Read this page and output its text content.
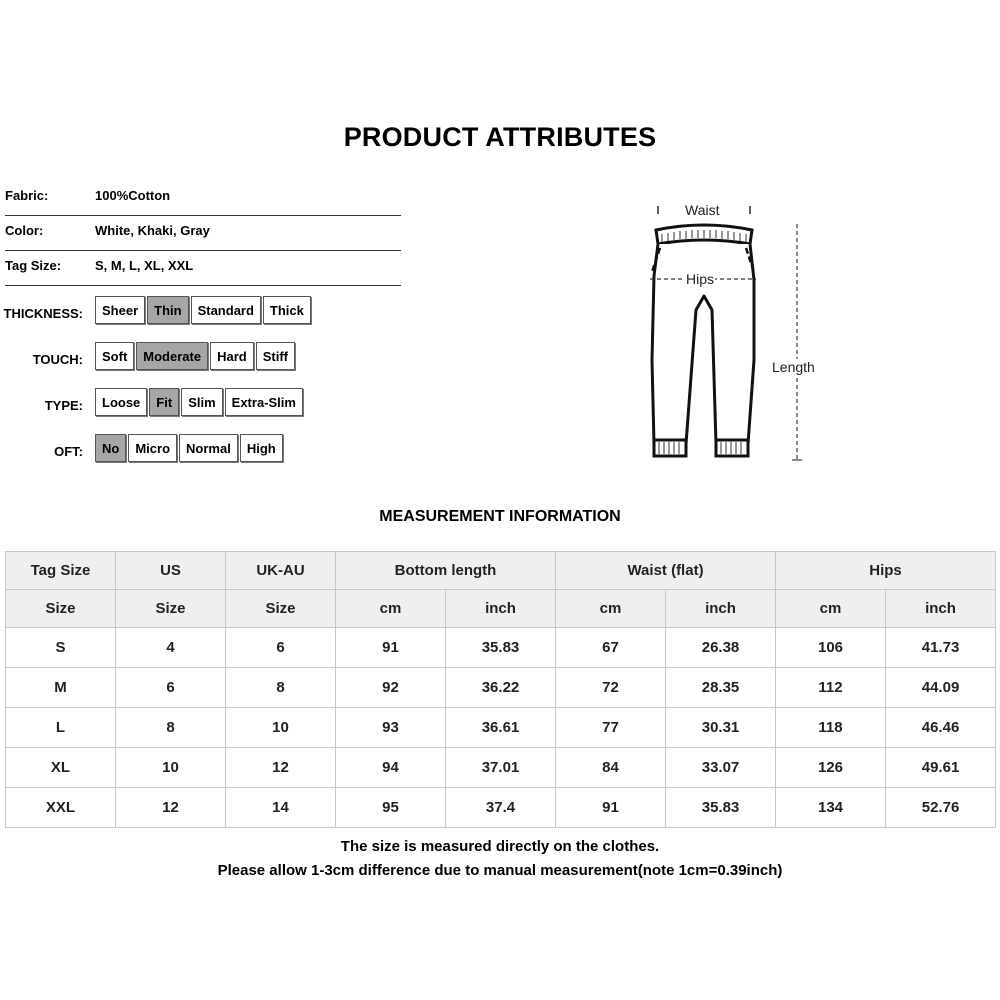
PRODUCT ATTRIBUTES
Fabric:	100%Cotton
Color:	White, Khaki, Gray
Tag Size:	S, M, L, XL, XXL
THICKNESS:	Sheer	Thin	Standard	Thick
TOUCH:	Soft	Moderate	Hard	Stiff
TYPE:	Loose	Fit	Slim	Extra-Slim
OFT:	No	Micro	Normal	High
Waist
Hips
Length
MEASUREMENT INFORMATION
Tag Size	US	UK-AU	Bottom length		Waist (flat)		Hips	
Size	Size	Size	cm	inch	cm	inch	cm	inch
S	4	6	91	35.83	67	26.38	106	41.73
M	6	8	92	36.22	72	28.35	112	44.09
L	8	10	93	36.61	77	30.31	118	46.46
XL	10	12	94	37.01	84	33.07	126	49.61
XXL	12	14	95	37.4	91	35.83	134	52.76
The size is measured directly on the clothes.
Please allow 1-3cm difference due to manual measurement(note 1cm=0.39inch)
